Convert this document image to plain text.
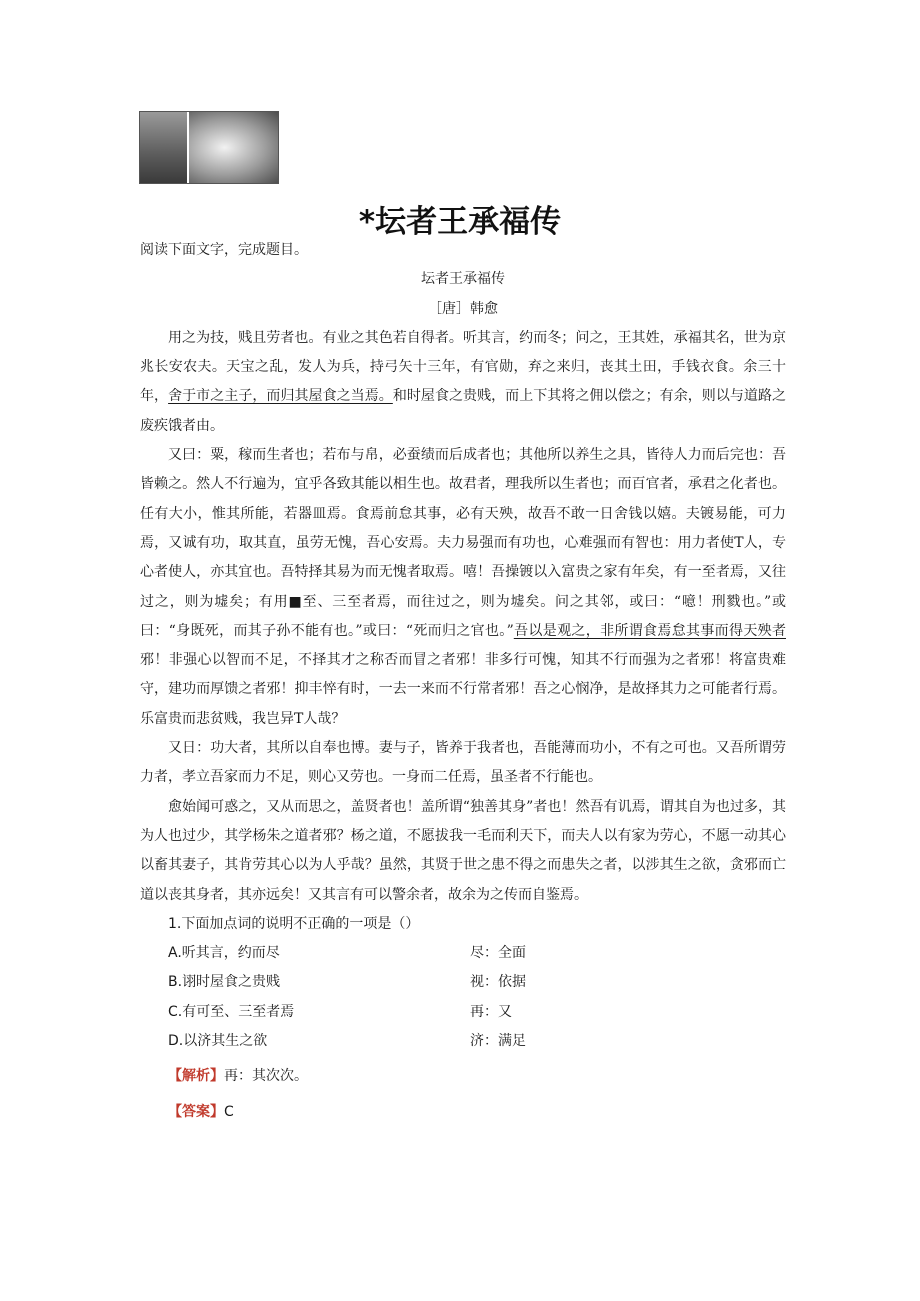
*坛者王承福传

阅读下面文字，完成题目。

坛者王承福传

［唐］韩愈

用之为技，贱且劳者也。有业之其色若自得者。听其言，约而冬；问之，王其姓，承福其名，世为京兆长安农夫。天宝之乱，发人为兵，持弓矢十三年，有官勋，弃之来归，丧其土田，手钱衣食。余三十年，舍于市之主子，而归其屋食之当焉。和时屋食之贵贱，而上下其将之佣以偿之；有余，则以与道路之废疾饿者由。

又曰：粟，稼而生者也；若布与帛，必蚕绩而后成者也；其他所以养生之具，皆待人力而后完也：吾皆赖之。然人不行遍为，宜乎各致其能以相生也。故君者，理我所以生者也；而百官者，承君之化者也。任有大小，惟其所能，若器皿焉。食焉前怠其事，必有天殃，故吾不敢一日舍钱以嬉。夫镀易能，可力焉，又诚有功，取其直，虽劳无愧，吾心安焉。夫力易强而有功也，心难强而有智也：用力者使T人，专心者使人，亦其宜也。吾特择其易为而无愧者取焉。嘻！吾操镀以入富贵之家有年矣，有一至者焉，又往过之，则为墟矣；有用■至、三至者焉，而往过之，则为墟矣。问之其邻，或曰：“噫！刑戮也。”或曰：“身既死，而其子孙不能有也。”或曰：“死而归之官也。”吾以是观之，非所谓食焉怠其事而得天殃者邪！非强心以智而不足，不择其才之称否而冒之者邪！非多行可愧，知其不行而强为之者邪！将富贵难守，建功而厚馈之者邪！抑丰悴有时，一去一来而不行常者邪！吾之心悯净，是故择其力之可能者行焉。乐富贵而悲贫贱，我岂异T人哉？

又日：功大者，其所以自奉也博。妻与子，皆养于我者也，吾能薄而功小，不有之可也。又吾所谓劳力者，孝立吾家而力不足，则心又劳也。一身而二任焉，虽圣者不行能也。

愈始闻可惑之，又从而思之，盖贤者也！盖所谓“独善其身”者也！然吾有讥焉，谓其自为也过多，其为人也过少，其学杨朱之道者邪？杨之道，不愿拔我一毛而利天下，而夫人以有家为劳心，不愿一动其心以畜其妻子，其肯劳其心以为人乎哉？虽然，其贤于世之患不得之而患失之者，以涉其生之欲，贪邪而亡道以丧其身者，其亦远矣！又其言有可以警余者，故余为之传而自鉴焉。

1.下面加点词的说明不正确的一项是（）

A.听其言，约而尽	尽：全面
B.诩时屋食之贵贱	视：依据
C.有可至、三至者焉	再：又
D.以济其生之欲	济：满足

【解析】再：其次次。

【答案】C
